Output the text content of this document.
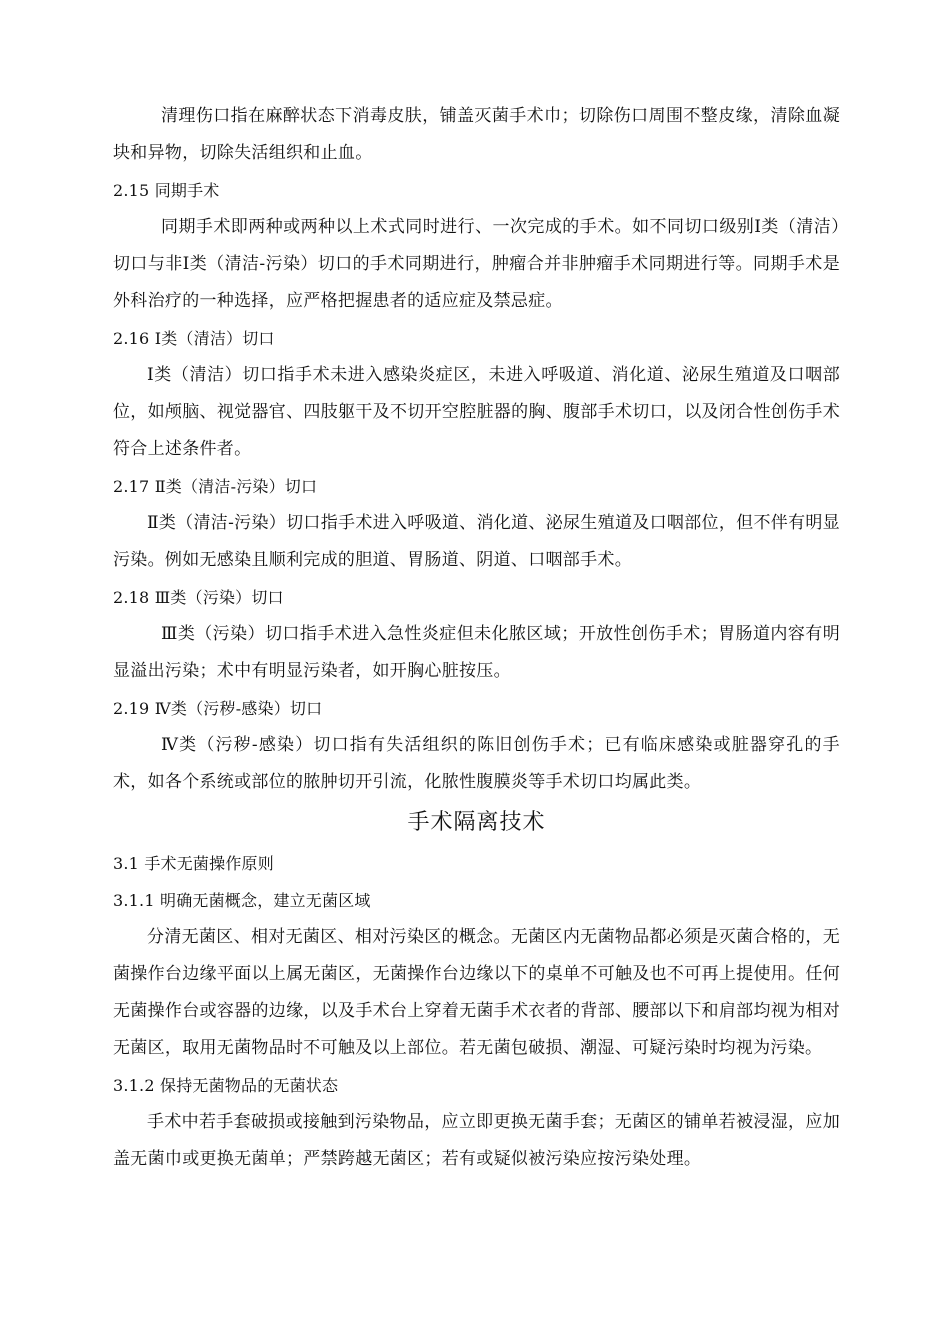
清理伤口指在麻醉状态下消毒皮肤，铺盖灭菌手术巾；切除伤口周围不整皮缘，清除血凝块和异物，切除失活组织和止血。

2.15 同期手术

同期手术即两种或两种以上术式同时进行、一次完成的手术。如不同切口级别Ⅰ类（清洁）切口与非Ⅰ类（清洁-污染）切口的手术同期进行，肿瘤合并非肿瘤手术同期进行等。同期手术是外科治疗的一种选择，应严格把握患者的适应症及禁忌症。

2.16 Ⅰ类（清洁）切口

Ⅰ类（清洁）切口指手术未进入感染炎症区，未进入呼吸道、消化道、泌尿生殖道及口咽部位，如颅脑、视觉器官、四肢躯干及不切开空腔脏器的胸、腹部手术切口，以及闭合性创伤手术符合上述条件者。

2.17 Ⅱ类（清洁-污染）切口

Ⅱ类（清洁-污染）切口指手术进入呼吸道、消化道、泌尿生殖道及口咽部位，但不伴有明显污染。例如无感染且顺利完成的胆道、胃肠道、阴道、口咽部手术。

2.18 Ⅲ类（污染）切口

Ⅲ类（污染）切口指手术进入急性炎症但未化脓区域；开放性创伤手术；胃肠道内容有明显溢出污染；术中有明显污染者，如开胸心脏按压。

2.19 Ⅳ类（污秽-感染）切口

Ⅳ类（污秽-感染）切口指有失活组织的陈旧创伤手术；已有临床感染或脏器穿孔的手术，如各个系统或部位的脓肿切开引流，化脓性腹膜炎等手术切口均属此类。

手术隔离技术

3.1 手术无菌操作原则

3.1.1 明确无菌概念，建立无菌区域

分清无菌区、相对无菌区、相对污染区的概念。无菌区内无菌物品都必须是灭菌合格的，无菌操作台边缘平面以上属无菌区，无菌操作台边缘以下的桌单不可触及也不可再上提使用。任何无菌操作台或容器的边缘，以及手术台上穿着无菌手术衣者的背部、腰部以下和肩部均视为相对无菌区，取用无菌物品时不可触及以上部位。若无菌包破损、潮湿、可疑污染时均视为污染。

3.1.2 保持无菌物品的无菌状态

手术中若手套破损或接触到污染物品，应立即更换无菌手套；无菌区的铺单若被浸湿，应加盖无菌巾或更换无菌单；严禁跨越无菌区；若有或疑似被污染应按污染处理。
